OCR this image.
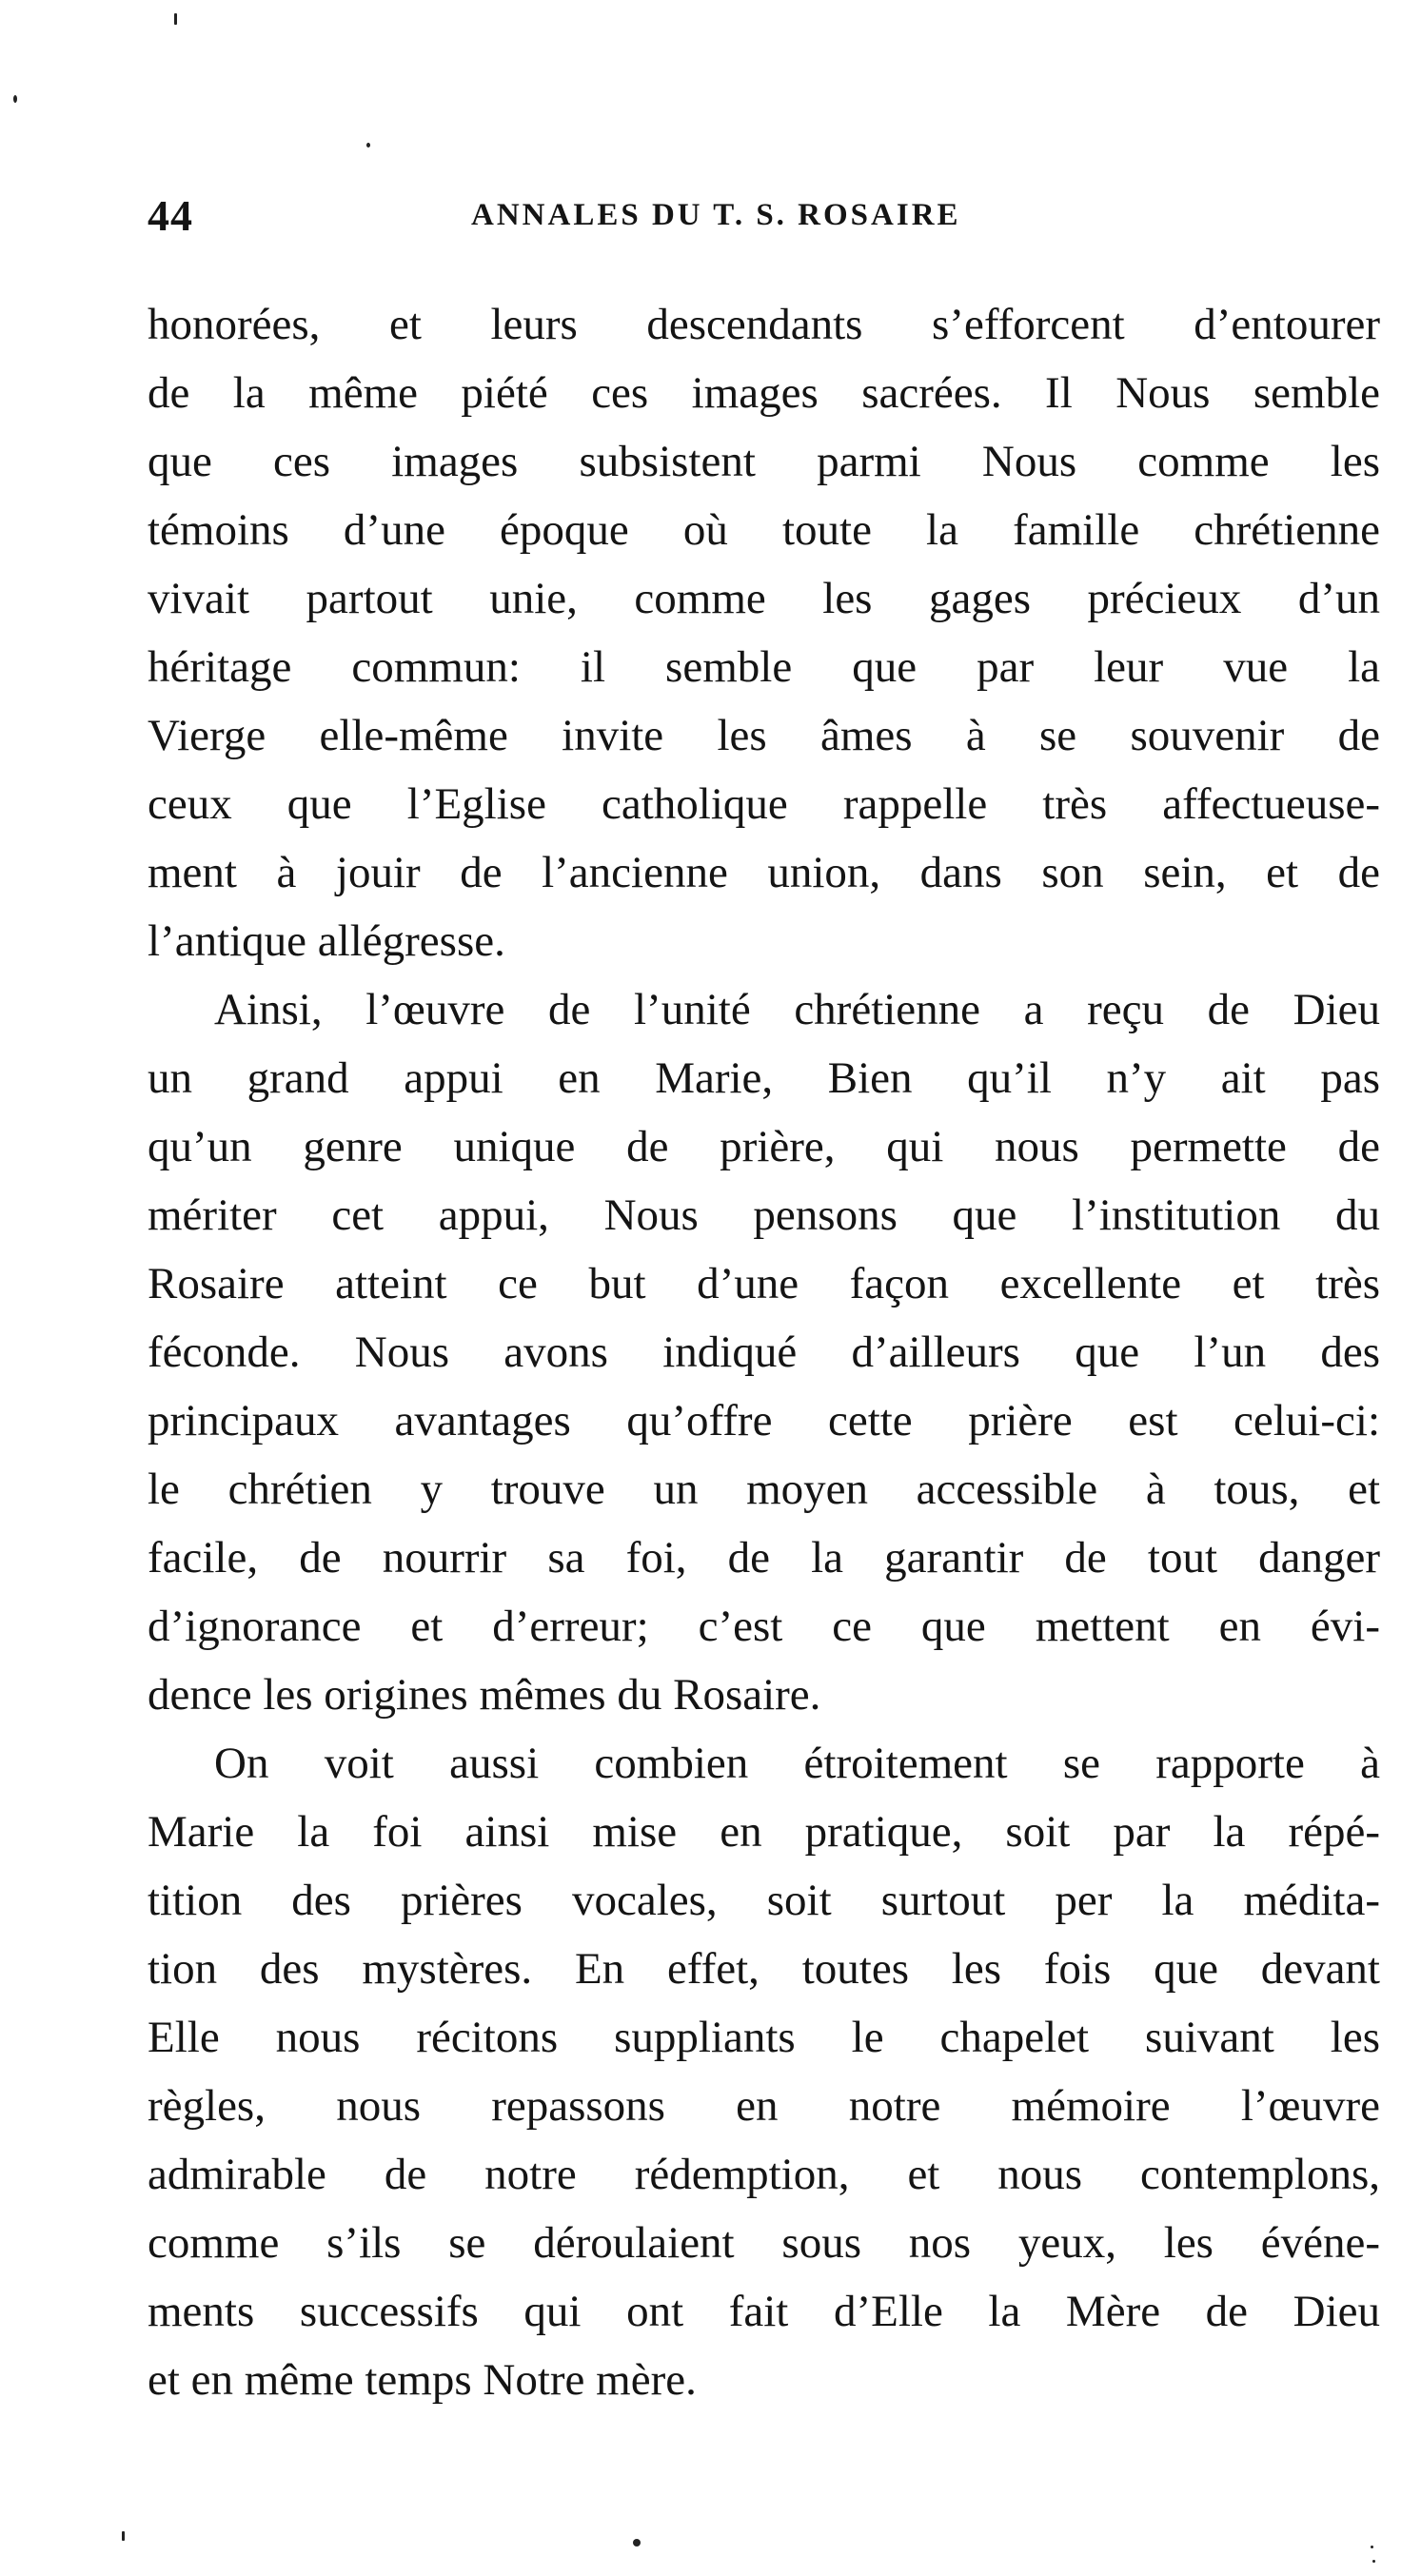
44	ANNALES DU T. S. ROSAIRE
honorées, et leurs descendants s’efforcent d’entourer
de la même piété ces images sacrées. Il Nous semble
que ces images subsistent parmi Nous comme les
témoins d’une époque où toute la famille chrétienne
vivait partout unie, comme les gages précieux d’un
héritage commun: il semble que par leur vue la
Vierge elle-même invite les âmes à se souvenir de
ceux que l’Eglise catholique rappelle très affectueuse-
ment à jouir de l’ancienne union, dans son sein, et de
l’antique allégresse.
Ainsi, l’œuvre de l’unité chrétienne a reçu de Dieu
un grand appui en Marie, Bien qu’il n’y ait pas
qu’un genre unique de prière, qui nous permette de
mériter cet appui, Nous pensons que l’institution du
Rosaire atteint ce but d’une façon excellente et très
féconde. Nous avons indiqué d’ailleurs que l’un des
principaux avantages qu’offre cette prière est celui-ci:
le chrétien y trouve un moyen accessible à tous, et
facile, de nourrir sa foi, de la garantir de tout danger
d’ignorance et d’erreur; c’est ce que mettent en évi-
dence les origines mêmes du Rosaire.
On voit aussi combien étroitement se rapporte à
Marie la foi ainsi mise en pratique, soit par la répé-
tition des prières vocales, soit surtout per la médita-
tion des mystères. En effet, toutes les fois que devant
Elle nous récitons suppliants le chapelet suivant les
règles, nous repassons en notre mémoire l’œuvre
admirable de notre rédemption, et nous contemplons,
comme s’ils se déroulaient sous nos yeux, les événe-
ments successifs qui ont fait d’Elle la Mère de Dieu
et en même temps Notre mère.
